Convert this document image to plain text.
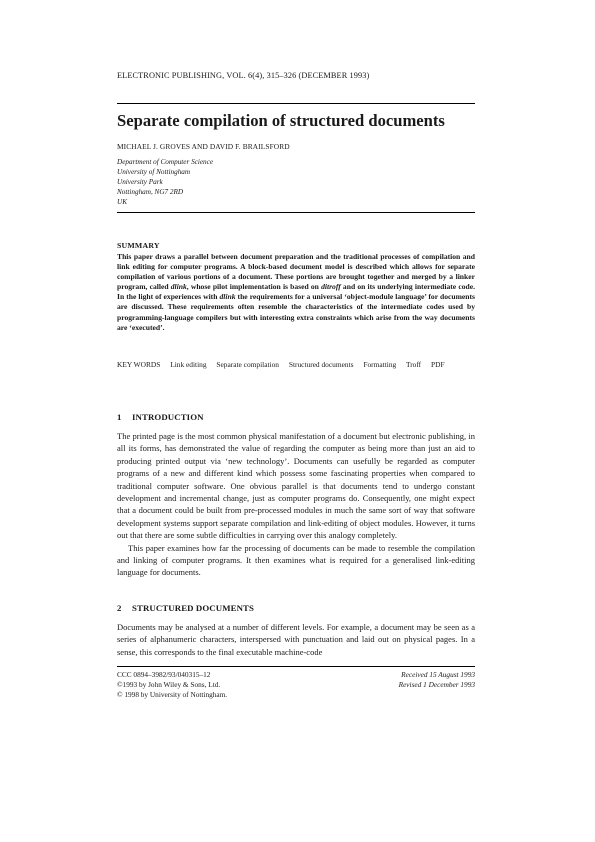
ELECTRONIC PUBLISHING, VOL. 6(4), 315–326 (DECEMBER 1993)
Separate compilation of structured documents
MICHAEL J. GROVES AND DAVID F. BRAILSFORD
Department of Computer Science
University of Nottingham
University Park
Nottingham, NG7 2RD
UK
SUMMARY
This paper draws a parallel between document preparation and the traditional processes of compilation and link editing for computer programs. A block-based document model is described which allows for separate compilation of various portions of a document. These portions are brought together and merged by a linker program, called dlink, whose pilot implementation is based on ditroff and on its underlying intermediate code. In the light of experiences with dlink the requirements for a universal ‘object-module language’ for documents are discussed. These requirements often resemble the characteristics of the intermediate codes used by programming-language compilers but with interesting extra constraints which arise from the way documents are ‘executed’.
KEY WORDS Link editing Separate compilation Structured documents Formatting Troff PDF
1 INTRODUCTION

The printed page is the most common physical manifestation of a document but electronic publishing, in all its forms, has demonstrated the value of regarding the computer as being more than just an aid to producing printed output via ‘new technology’. Documents can usefully be regarded as computer programs of a new and different kind which possess some fascinating properties when compared to traditional computer software. One obvious parallel is that documents tend to undergo constant development and incremental change, just as computer programs do. Consequently, one might expect that a document could be built from pre-processed modules in much the same sort of way that software development systems support separate compilation and link-editing of object modules. However, it turns out that there are some subtle difficulties in carrying over this analogy completely.

This paper examines how far the processing of documents can be made to resemble the compilation and linking of computer programs. It then examines what is required for a generalised link-editing language for documents.

2 STRUCTURED DOCUMENTS

Documents may be analysed at a number of different levels. For example, a document may be seen as a series of alphanumeric characters, interspersed with punctuation and laid out on physical pages. In a sense, this corresponds to the final executable machine-code

CCC 0894–3982/93/040315–12
©1993 by John Wiley & Sons, Ltd.
© 1998 by University of Nottingham.
Received 15 August 1993
Revised 1 December 1993
